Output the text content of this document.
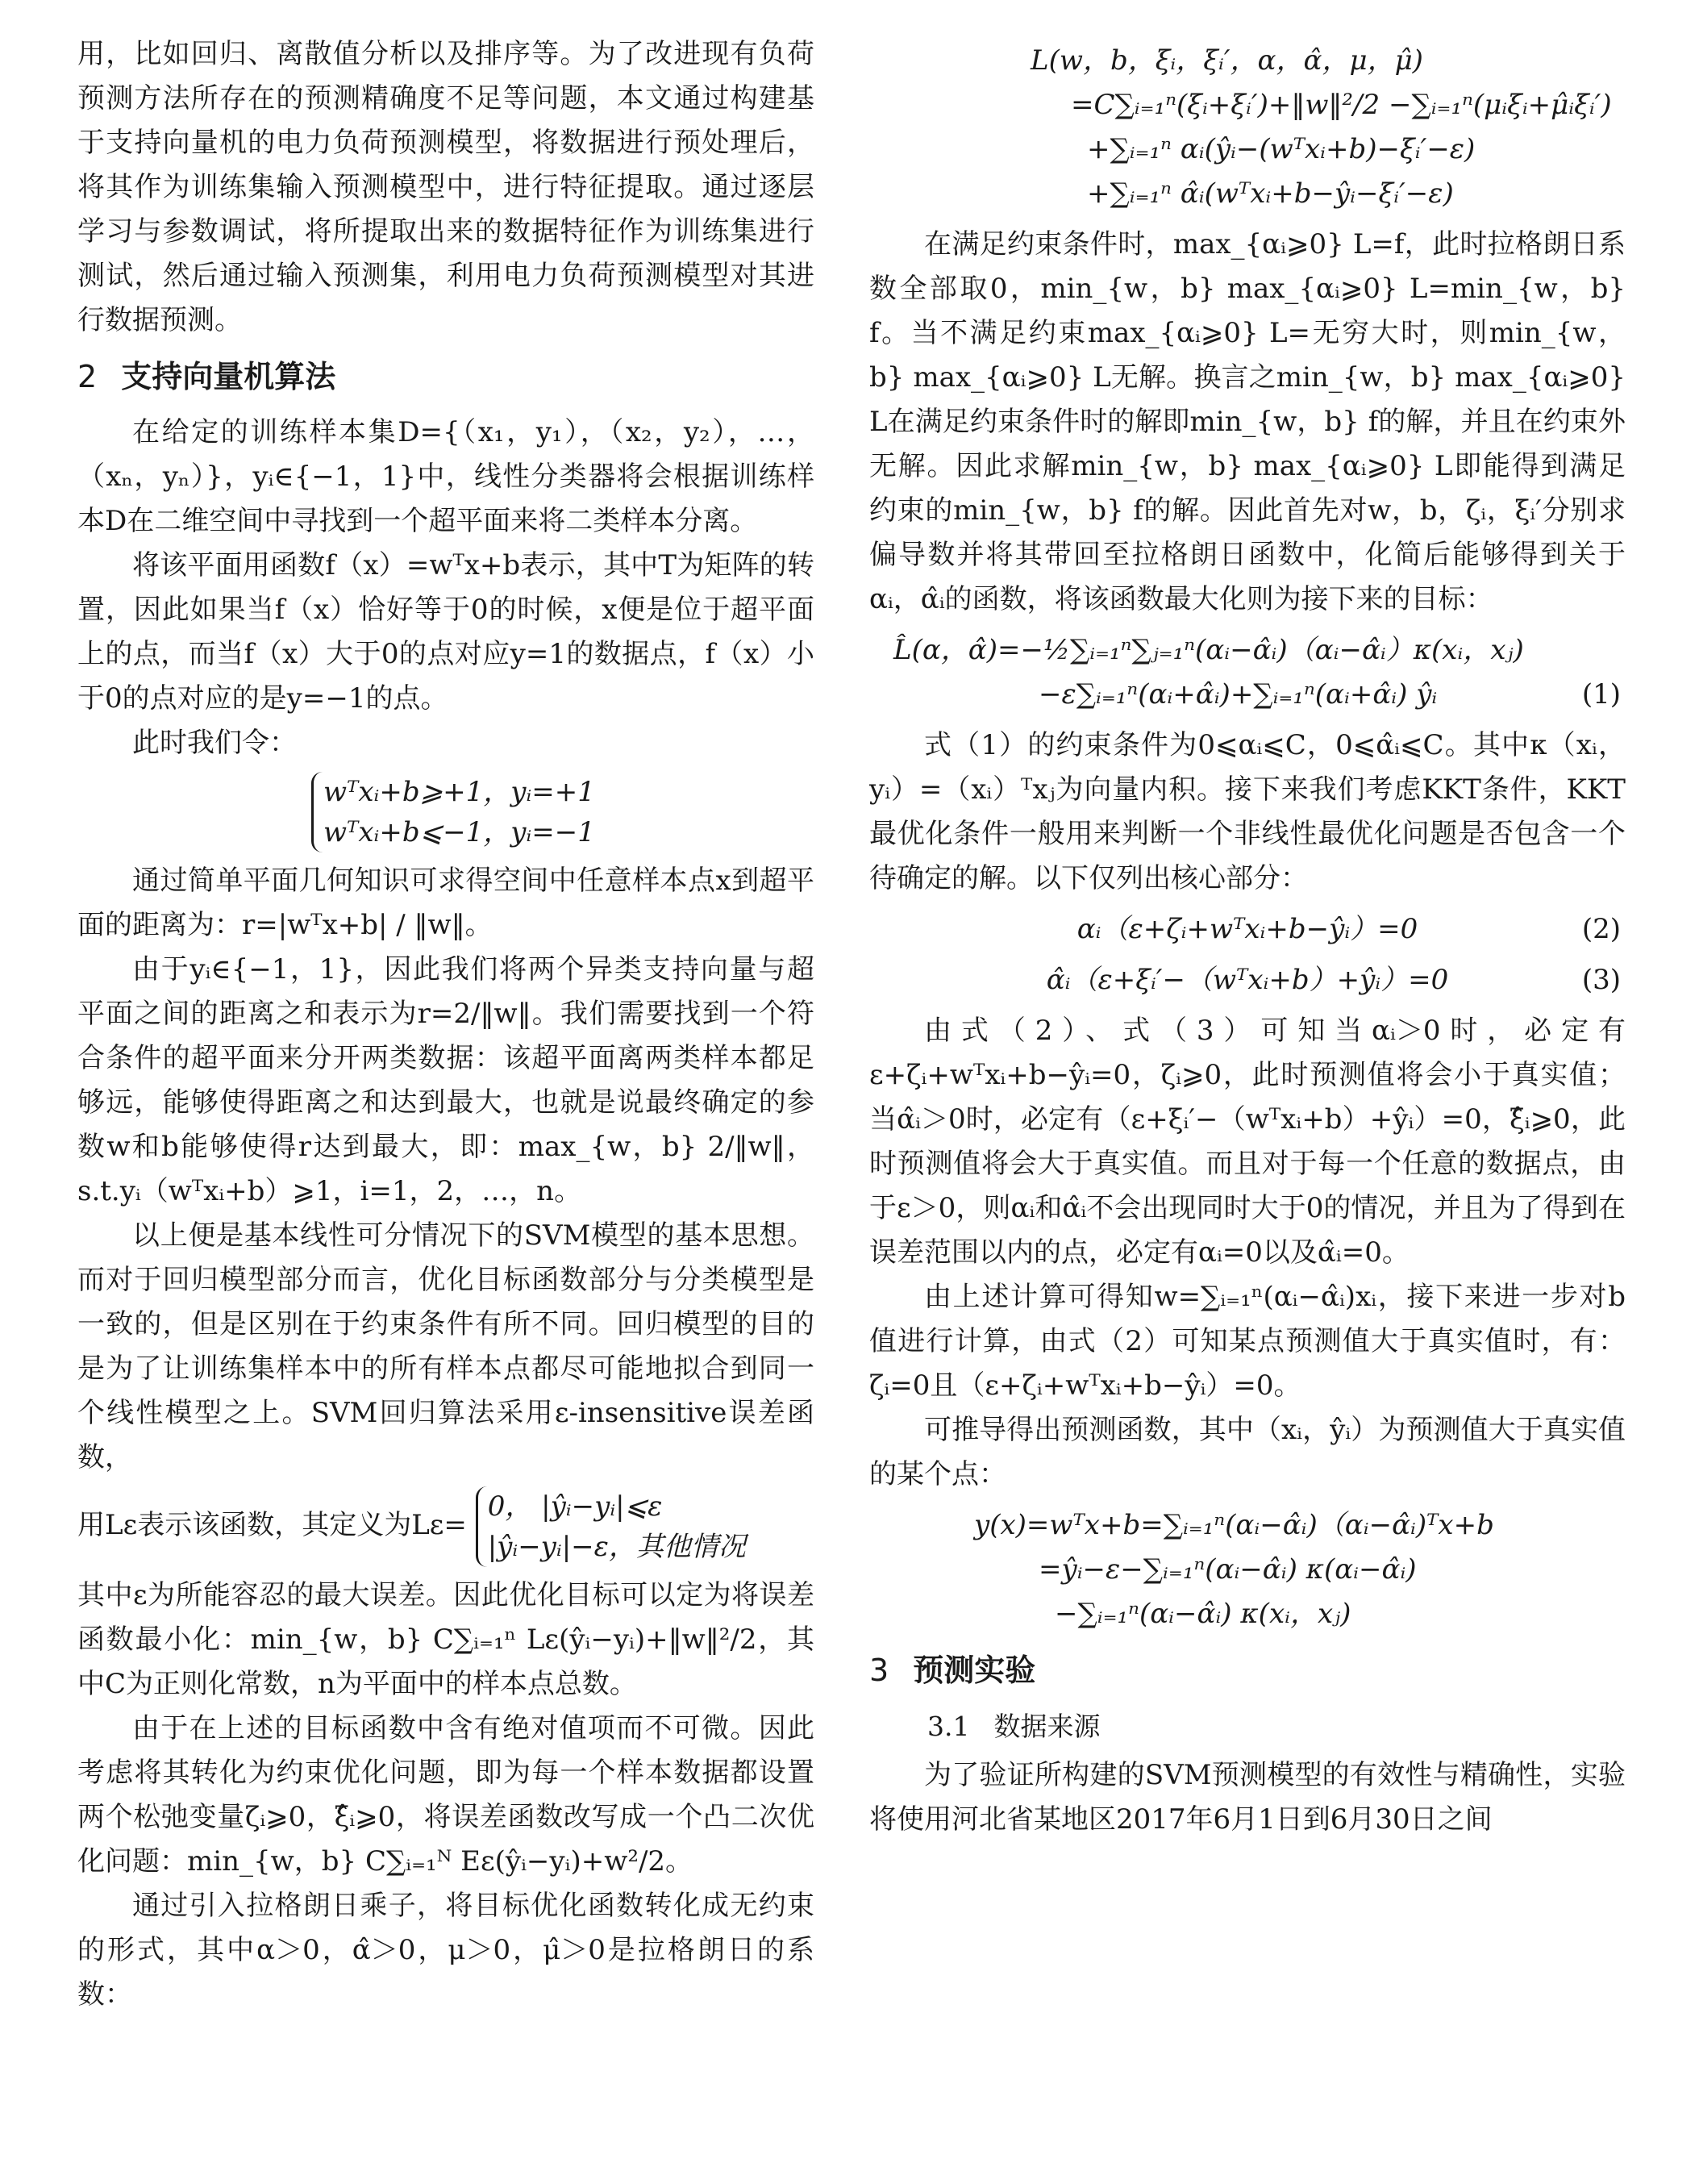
用，比如回归、离散值分析以及排序等。为了改进现有负荷预测方法所存在的预测精确度不足等问题，本文通过构建基于支持向量机的电力负荷预测模型，将数据进行预处理后，将其作为训练集输入预测模型中，进行特征提取。通过逐层学习与参数调试，将所提取出来的数据特征作为训练集进行测试，然后通过输入预测集，利用电力负荷预测模型对其进行数据预测。

2 支持向量机算法

在给定的训练样本集D={（x₁，y₁），（x₂，y₂），…，（xₙ，yₙ）}，yᵢ∈{−1，1}中，线性分类器将会根据训练样本D在二维空间中寻找到一个超平面来将二类样本分离。

将该平面用函数f（x）=wᵀx+b表示，其中T为矩阵的转置，因此如果当f（x）恰好等于0的时候，x便是位于超平面上的点，而当f（x）大于0的点对应y=1的数据点，f（x）小于0的点对应的是y=−1的点。

此时我们令：

wᵀxᵢ+b⩾+1，yᵢ=+1
wᵀxᵢ+b⩽−1，yᵢ=−1

通过简单平面几何知识可求得空间中任意样本点x到超平面的距离为：r=|wᵀx+b| / ‖w‖。

由于yᵢ∈{−1，1}，因此我们将两个异类支持向量与超平面之间的距离之和表示为r=2/‖w‖。我们需要找到一个符合条件的超平面来分开两类数据：该超平面离两类样本都足够远，能够使得距离之和达到最大，也就是说最终确定的参数w和b能够使得r达到最大，即：max_{w，b} 2/‖w‖，s.t.yᵢ（wᵀxᵢ+b）⩾1，i=1，2，…，n。

以上便是基本线性可分情况下的SVM模型的基本思想。而对于回归模型部分而言，优化目标函数部分与分类模型是一致的，但是区别在于约束条件有所不同。回归模型的目的是为了让训练集样本中的所有样本点都尽可能地拟合到同一个线性模型之上。SVM回归算法采用ε-insensitive误差函数，

用Lε表示该函数，其定义为Lε= 0， |ŷᵢ−yᵢ|⩽ε
|ŷᵢ−yᵢ|−ε，其他情况

其中ε为所能容忍的最大误差。因此优化目标可以定为将误差函数最小化：min_{w，b} C∑ᵢ₌₁ⁿ Lε(ŷᵢ−yᵢ)+‖w‖²/2，其中C为正则化常数，n为平面中的样本点总数。

由于在上述的目标函数中含有绝对值项而不可微。因此考虑将其转化为约束优化问题，即为每一个样本数据都设置两个松弛变量ζᵢ⩾0，ξ̂ᵢ⩾0，将误差函数改写成一个凸二次优化问题：min_{w，b} C∑ᵢ₌₁ᴺ Eε(ŷᵢ−yᵢ)+w²/2。

通过引入拉格朗日乘子，将目标优化函数转化成无约束的形式，其中α＞0，α̂＞0，μ＞0，μ̂＞0是拉格朗日的系数：

L(w，b，ξᵢ，ξᵢ′，α，α̂，μ，μ̂)
=C∑ᵢ₌₁ⁿ(ξᵢ+ξᵢ′)+‖w‖²/2 −∑ᵢ₌₁ⁿ(μᵢξᵢ+μ̂ᵢξᵢ′)
+∑ᵢ₌₁ⁿ αᵢ(ŷᵢ−(wᵀxᵢ+b)−ξᵢ′−ε)
+∑ᵢ₌₁ⁿ α̂ᵢ(wᵀxᵢ+b−ŷᵢ−ξᵢ′−ε)

在满足约束条件时，max_{αᵢ⩾0} L=f，此时拉格朗日系数全部取0，min_{w，b} max_{αᵢ⩾0} L=min_{w，b} f。当不满足约束max_{αᵢ⩾0} L=无穷大时，则min_{w，b} max_{αᵢ⩾0} L无解。换言之min_{w，b} max_{αᵢ⩾0} L在满足约束条件时的解即min_{w，b} f的解，并且在约束外无解。因此求解min_{w，b} max_{αᵢ⩾0} L即能得到满足约束的min_{w，b} f的解。因此首先对w，b，ζᵢ，ξᵢ′分别求偏导数并将其带回至拉格朗日函数中，化简后能够得到关于αᵢ，α̂ᵢ的函数，将该函数最大化则为接下来的目标：

L̂(α，α̂)=−½∑ᵢ₌₁ⁿ∑ⱼ₌₁ⁿ(αᵢ−α̂ᵢ)（αᵢ−α̂ᵢ）κ(xᵢ，xⱼ)
−ε∑ᵢ₌₁ⁿ(αᵢ+α̂ᵢ)+∑ᵢ₌₁ⁿ(αᵢ+α̂ᵢ) ŷᵢ	(1)

式（1）的约束条件为0⩽αᵢ⩽C，0⩽α̂ᵢ⩽C。其中κ（xᵢ，yᵢ）=（xᵢ）ᵀxⱼ为向量内积。接下来我们考虑KKT条件，KKT最优化条件一般用来判断一个非线性最优化问题是否包含一个待确定的解。以下仅列出核心部分：

αᵢ（ε+ζᵢ+wᵀxᵢ+b−ŷᵢ）=0	(2)
α̂ᵢ（ε+ξᵢ′−（wᵀxᵢ+b）+ŷᵢ）=0	(3)

由式（2）、式（3）可知当αᵢ＞0时，必定有ε+ζᵢ+wᵀxᵢ+b−ŷᵢ=0，ζᵢ⩾0，此时预测值将会小于真实值；当α̂ᵢ＞0时，必定有（ε+ξᵢ′−（wᵀxᵢ+b）+ŷᵢ）=0，ξ̂ᵢ⩾0，此时预测值将会大于真实值。而且对于每一个任意的数据点，由于ε＞0，则αᵢ和α̂ᵢ不会出现同时大于0的情况，并且为了得到在误差范围以内的点，必定有αᵢ=0以及α̂ᵢ=0。

由上述计算可得知w=∑ᵢ₌₁ⁿ(αᵢ−α̂ᵢ)xᵢ，接下来进一步对b值进行计算，由式（2）可知某点预测值大于真实值时，有：ζᵢ=0且（ε+ζᵢ+wᵀxᵢ+b−ŷᵢ）=0。

可推导得出预测函数，其中（xᵢ，ŷᵢ）为预测值大于真实值的某个点：

y(x)=wᵀx+b=∑ᵢ₌₁ⁿ(αᵢ−α̂ᵢ)（αᵢ−α̂ᵢ)ᵀx+b
=ŷᵢ−ε−∑ᵢ₌₁ⁿ(αᵢ−α̂ᵢ) κ(αᵢ−α̂ᵢ)
−∑ᵢ₌₁ⁿ(αᵢ−α̂ᵢ) κ(xᵢ，xⱼ)
3 预测实验
3.1 数据来源

为了验证所构建的SVM预测模型的有效性与精确性，实验将使用河北省某地区2017年6月1日到6月30日之间
